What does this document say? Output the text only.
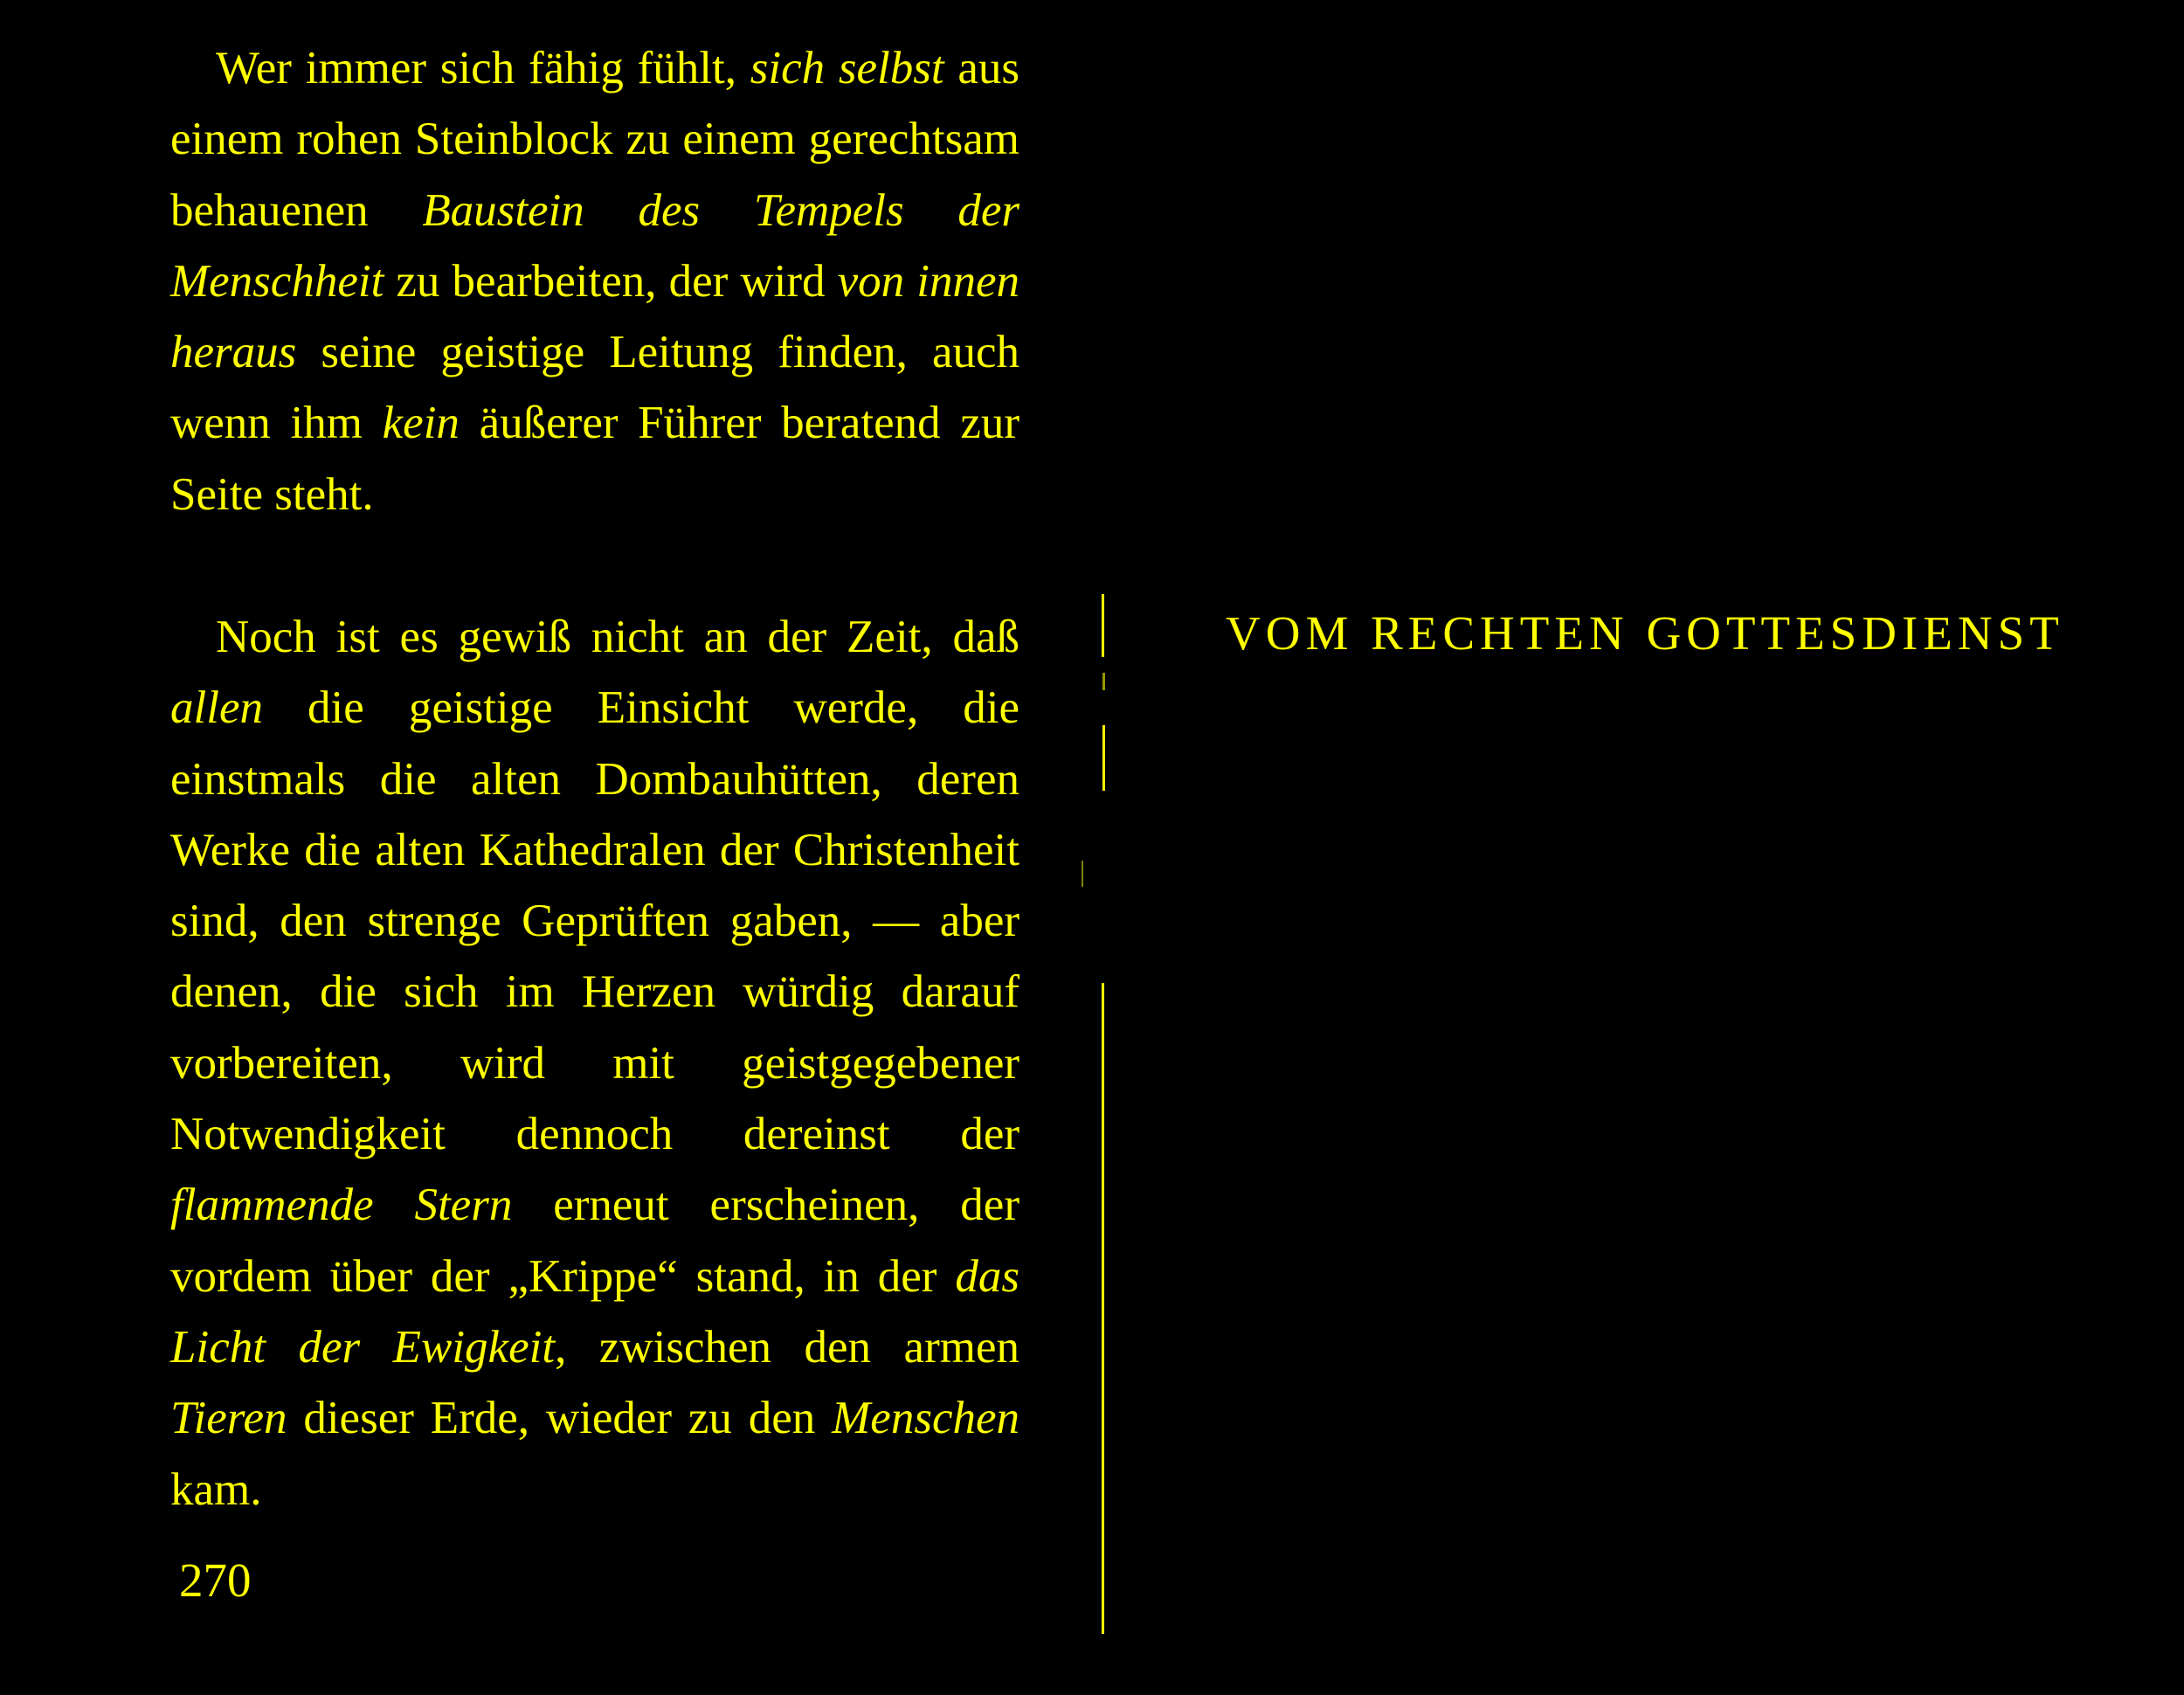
Wer immer sich fähig fühlt, sich selbst aus einem rohen Steinblock zu einem gerechtsam behauenen Baustein des Tempels der Menschheit zu bearbeiten, der wird von innen heraus seine geistige Leitung finden, auch wenn ihm kein äußerer Führer beratend zur Seite steht.

Noch ist es gewiß nicht an der Zeit, daß allen die geistige Einsicht werde, die einstmals die alten Dombauhütten, deren Werke die alten Kathedralen der Christenheit sind, den strenge Geprüften gaben, — aber denen, die sich im Herzen würdig darauf vorbereiten, wird mit geistgegebener Notwendigkeit dennoch dereinst der flammende Stern erneut erscheinen, der vordem über der „Krippe“ stand, in der das Licht der Ewigkeit, zwischen den armen Tieren dieser Erde, wieder zu den Menschen kam.

270
VOM RECHTEN GOTTESDIENST
